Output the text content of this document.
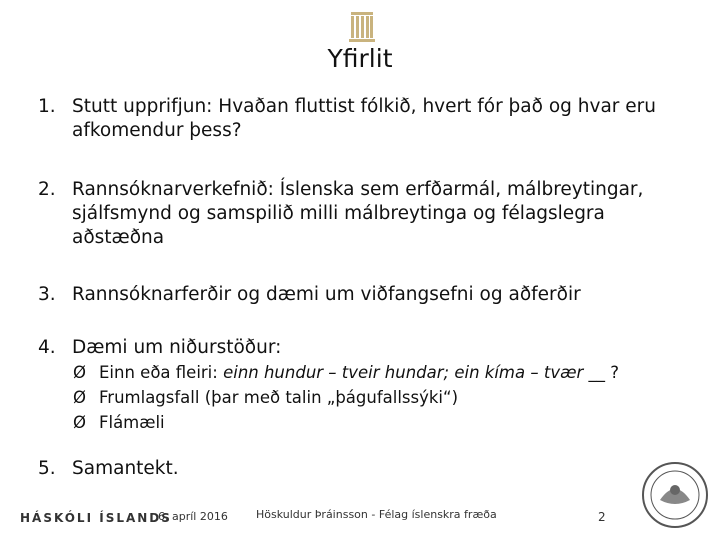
Yfirlit
1. Stutt upprifjun: Hvaðan fluttist fólkið, hvert fór það og hvar eru afkomendur þess?
2. Rannsóknarverkefnið: Íslenska sem erfðarmál, málbreytingar, sjálfsmynd og samspilið milli málbreytinga og félagslegra aðstæðna
3. Rannsóknarferðir og dæmi um viðfangsefni og aðferðir
4. Dæmi um niðurstöður:
Ø Einn eða fleiri: einn hundur – tveir hundar; ein kíma – tvær __ ?
Ø Frumlagsfall (þar með talin „þágufallssýki“)
Ø Flámæli
5. Samantekt.
HÁSKÓLI ÍSLANDS
6. apríl 2016	Höskuldur Þráinsson - Félag íslenskra fræða	2
